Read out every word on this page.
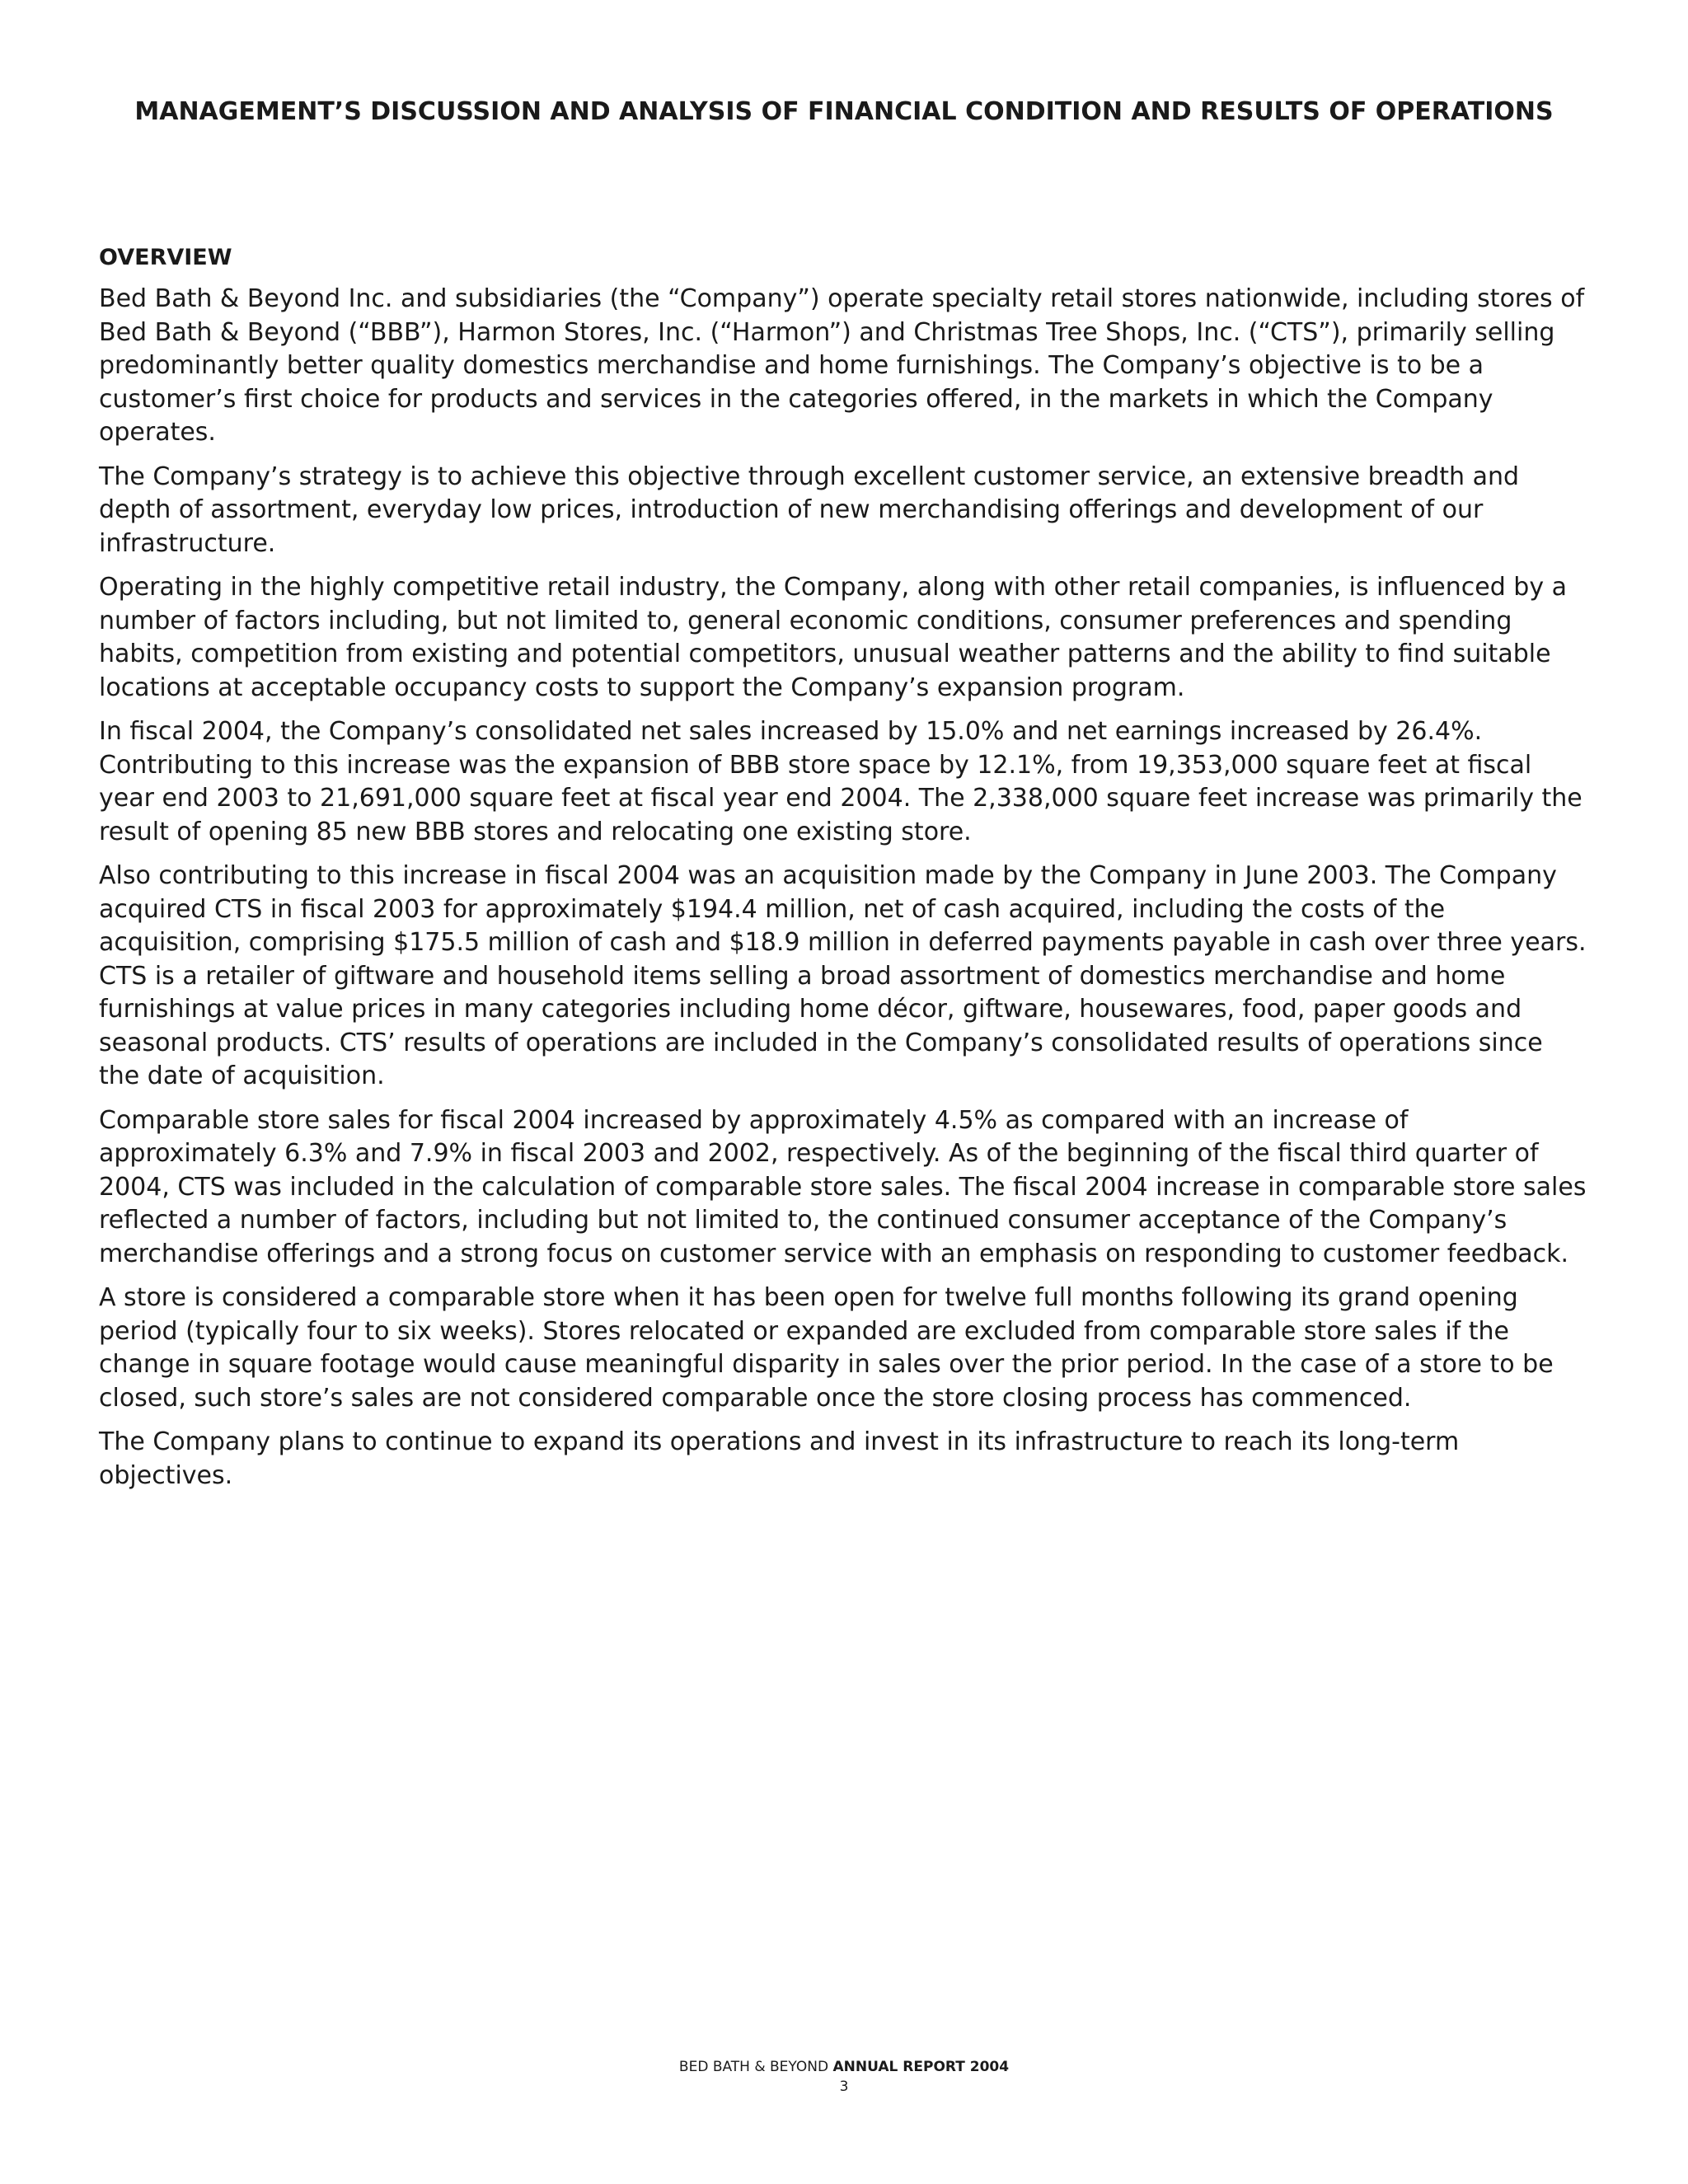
MANAGEMENT’S DISCUSSION AND ANALYSIS OF FINANCIAL CONDITION AND RESULTS OF OPERATIONS
OVERVIEW

Bed Bath & Beyond Inc. and subsidiaries (the “Company”) operate specialty retail stores nationwide, including stores of Bed Bath & Beyond (“BBB”), Harmon Stores, Inc. (“Harmon”) and Christmas Tree Shops, Inc. (“CTS”), primarily selling predominantly better quality domestics merchandise and home furnishings. The Company’s objective is to be a customer’s first choice for products and services in the categories offered, in the markets in which the Company operates.

The Company’s strategy is to achieve this objective through excellent customer service, an extensive breadth and depth of assortment, everyday low prices, introduction of new merchandising offerings and development of our infrastructure.

Operating in the highly competitive retail industry, the Company, along with other retail companies, is influenced by a number of factors including, but not limited to, general economic conditions, consumer preferences and spending habits, competition from existing and potential competitors, unusual weather patterns and the ability to find suitable locations at acceptable occupancy costs to support the Company’s expansion program.

In fiscal 2004, the Company’s consolidated net sales increased by 15.0% and net earnings increased by 26.4%. Contributing to this increase was the expansion of BBB store space by 12.1%, from 19,353,000 square feet at fiscal year end 2003 to 21,691,000 square feet at fiscal year end 2004. The 2,338,000 square feet increase was primarily the result of opening 85 new BBB stores and relocating one existing store.

Also contributing to this increase in fiscal 2004 was an acquisition made by the Company in June 2003. The Company acquired CTS in fiscal 2003 for approximately $194.4 million, net of cash acquired, including the costs of the acquisition, comprising $175.5 million of cash and $18.9 million in deferred payments payable in cash over three years. CTS is a retailer of giftware and household items selling a broad assortment of domestics merchandise and home furnishings at value prices in many categories including home décor, giftware, housewares, food, paper goods and seasonal products. CTS’ results of operations are included in the Company’s consolidated results of operations since the date of acquisition.

Comparable store sales for fiscal 2004 increased by approximately 4.5% as compared with an increase of approximately 6.3% and 7.9% in fiscal 2003 and 2002, respectively. As of the beginning of the fiscal third quarter of 2004, CTS was included in the calculation of comparable store sales. The fiscal 2004 increase in comparable store sales reflected a number of factors, including but not limited to, the continued consumer acceptance of the Company’s merchandise offerings and a strong focus on customer service with an emphasis on responding to customer feedback.

A store is considered a comparable store when it has been open for twelve full months following its grand opening period (typically four to six weeks). Stores relocated or expanded are excluded from comparable store sales if the change in square footage would cause meaningful disparity in sales over the prior period. In the case of a store to be closed, such store’s sales are not considered comparable once the store closing process has commenced.

The Company plans to continue to expand its operations and invest in its infrastructure to reach its long-term objectives.

BED BATH & BEYOND ANNUAL REPORT 2004
3
